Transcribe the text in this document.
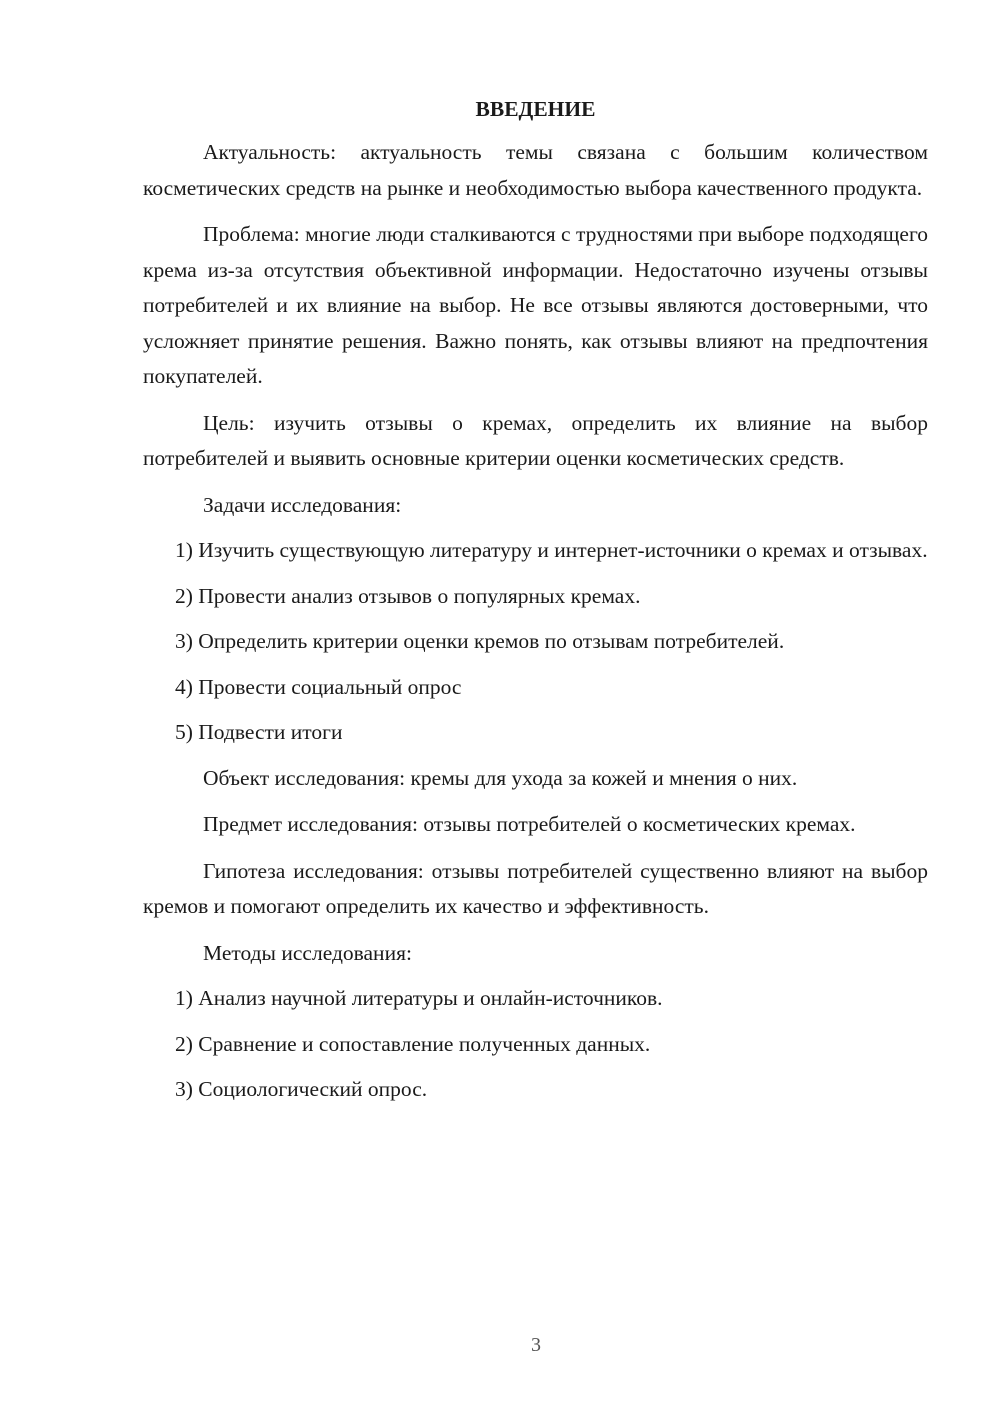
ВВЕДЕНИЕ

Актуальность: актуальность темы связана с большим количеством косметических средств на рынке и необходимостью выбора качественного продукта.

Проблема: многие люди сталкиваются с трудностями при выборе подходящего крема из-за отсутствия объективной информации. Недостаточно изучены отзывы потребителей и их влияние на выбор. Не все отзывы являются достоверными, что усложняет принятие решения. Важно понять, как отзывы влияют на предпочтения покупателей.

Цель: изучить отзывы о кремах, определить их влияние на выбор потребителей и выявить основные критерии оценки косметических средств.

Задачи исследования:

1) Изучить существующую литературу и интернет-источники о кремах и отзывах.

2) Провести анализ отзывов о популярных кремах.

3) Определить критерии оценки кремов по отзывам потребителей.

4) Провести социальный опрос

5) Подвести итоги

Объект исследования: кремы для ухода за кожей и мнения о них.

Предмет исследования: отзывы потребителей о косметических кремах.

Гипотеза исследования: отзывы потребителей существенно влияют на выбор кремов и помогают определить их качество и эффективность.

Методы исследования:

1) Анализ научной литературы и онлайн-источников.

2) Сравнение и сопоставление полученных данных.

3) Социологический опрос.

3
